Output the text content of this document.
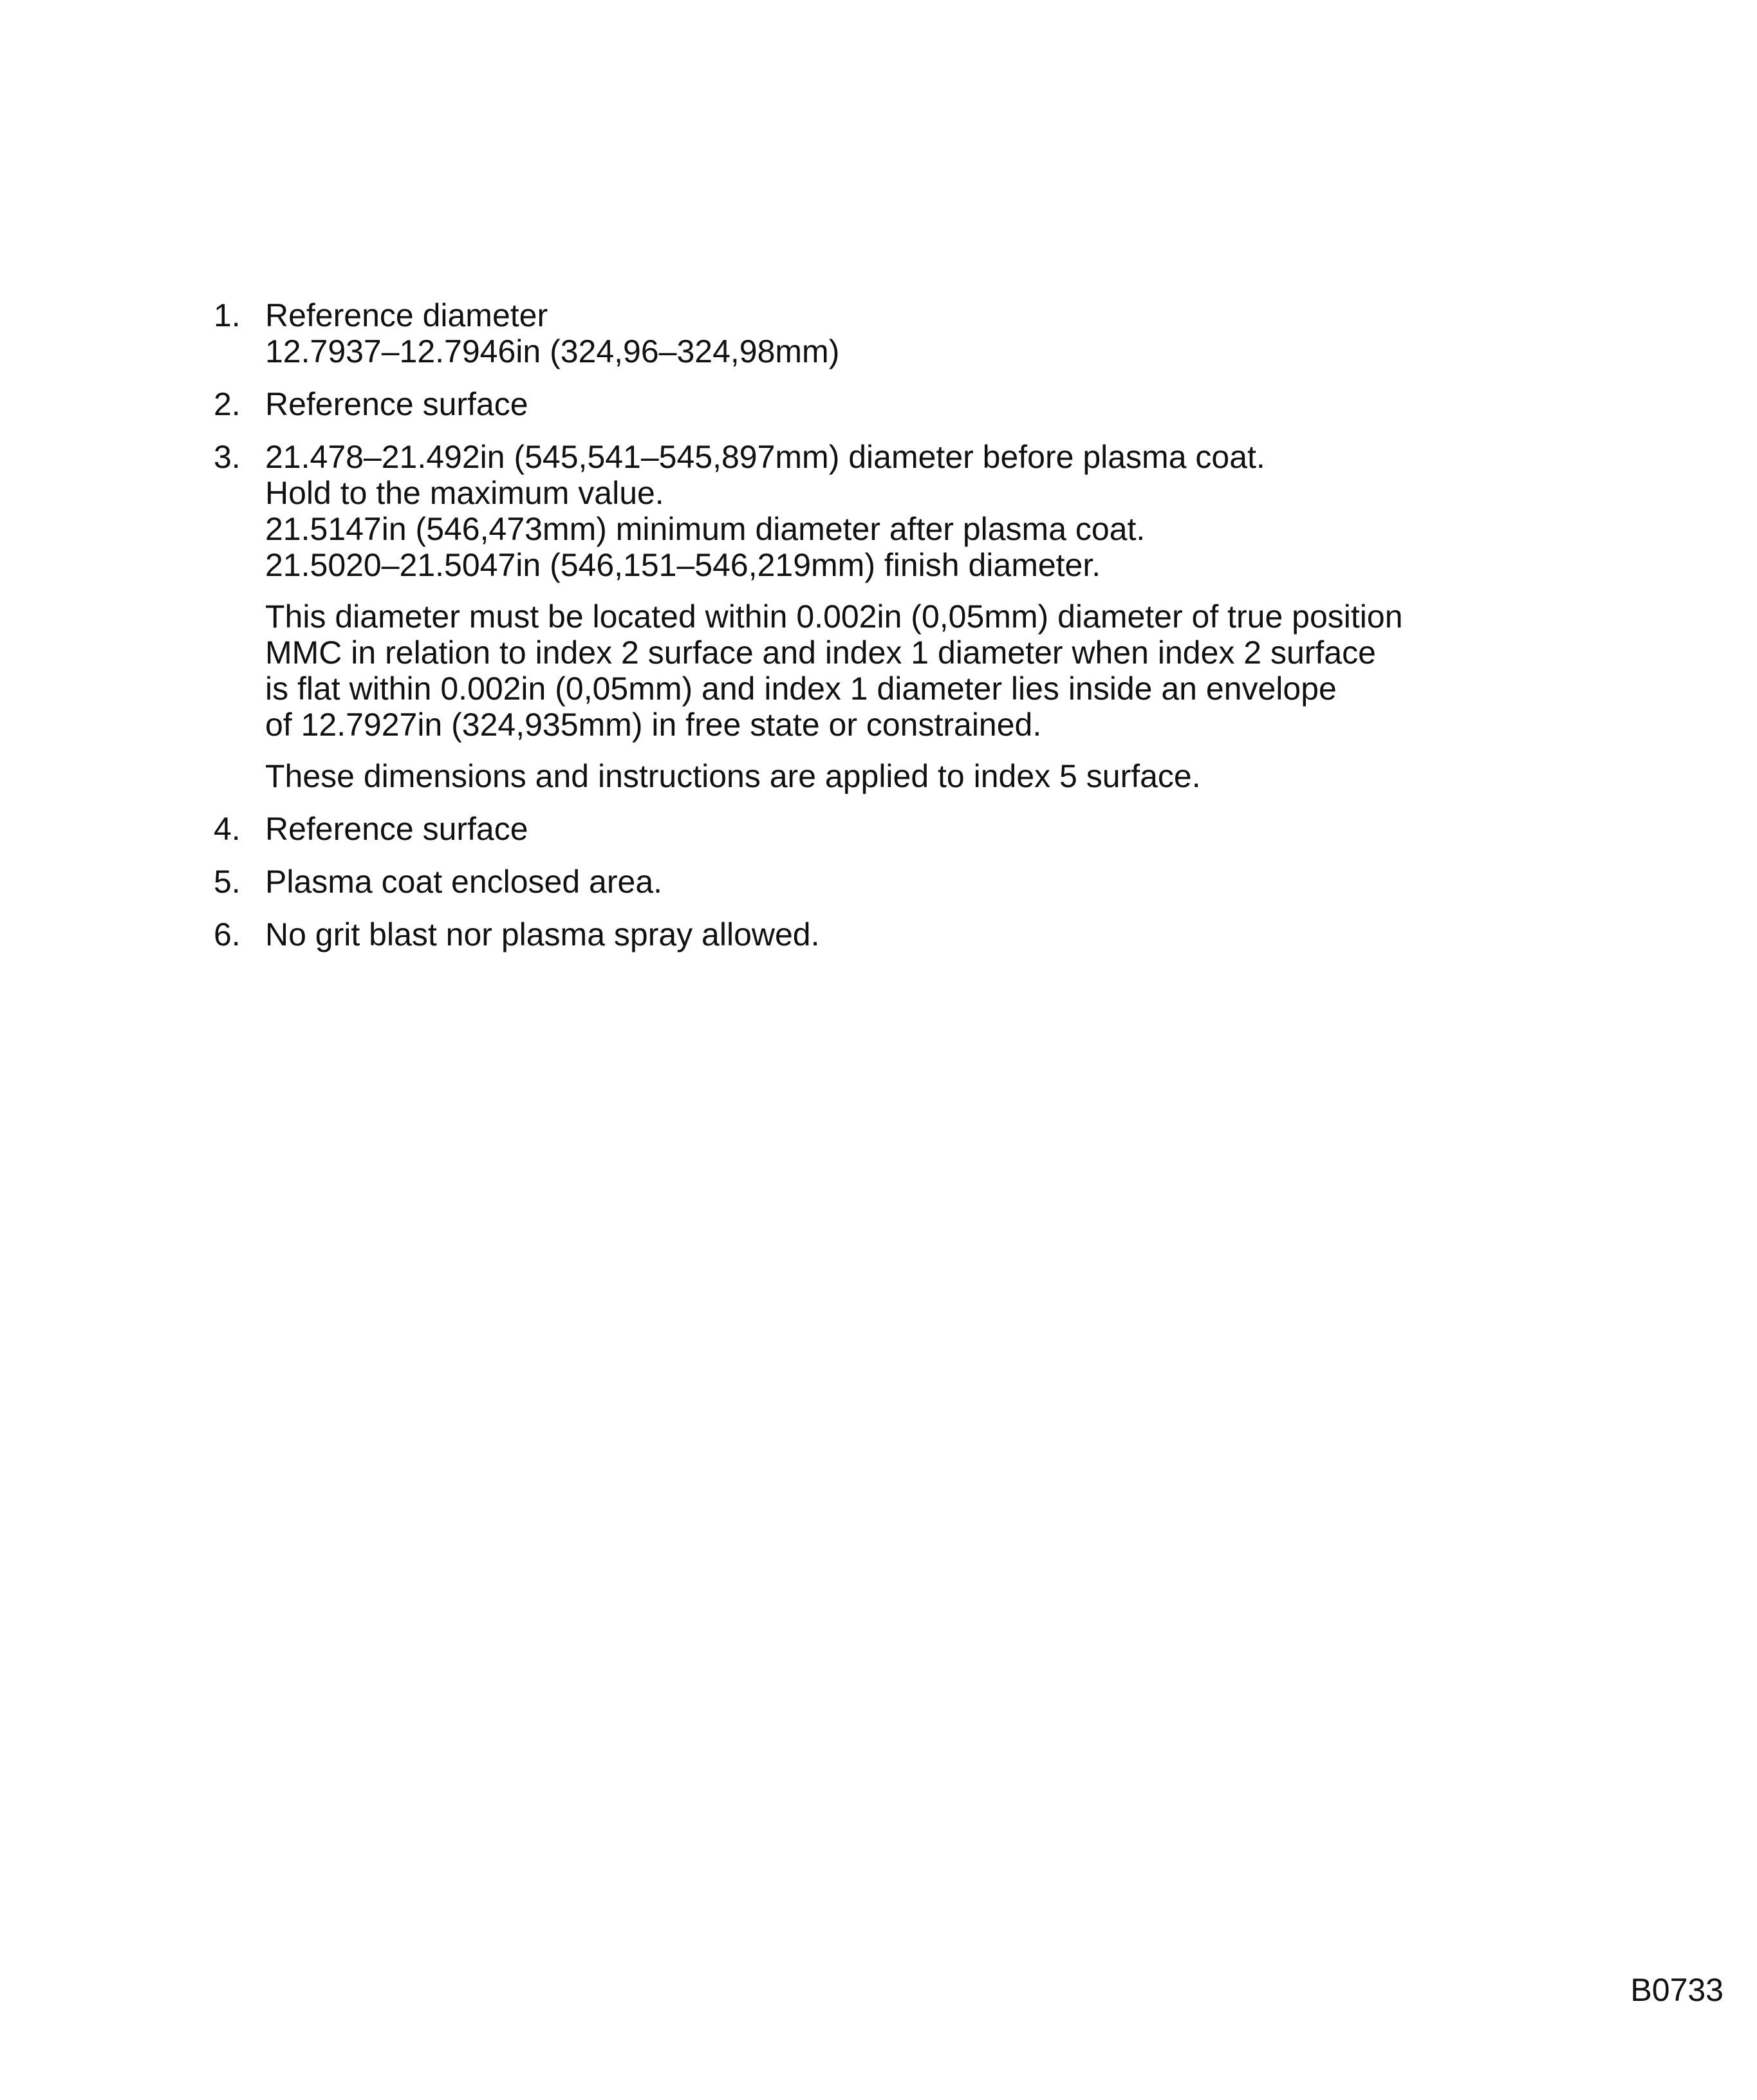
1. Reference diameter
12.7937–12.7946in (324,96–324,98mm)
2. Reference surface
3. 21.478–21.492in (545,541–545,897mm) diameter before plasma coat.
Hold to the maximum value.
21.5147in (546,473mm) minimum diameter after plasma coat.
21.5020–21.5047in (546,151–546,219mm) finish diameter.
This diameter must be located within 0.002in (0,05mm) diameter of true position
MMC in relation to index 2 surface and index 1 diameter when index 2 surface
is flat within 0.002in (0,05mm) and index 1 diameter lies inside an envelope
of 12.7927in (324,935mm) in free state or constrained.
These dimensions and instructions are applied to index 5 surface.
4. Reference surface
5. Plasma coat enclosed area.
6. No grit blast nor plasma spray allowed.
B0733
